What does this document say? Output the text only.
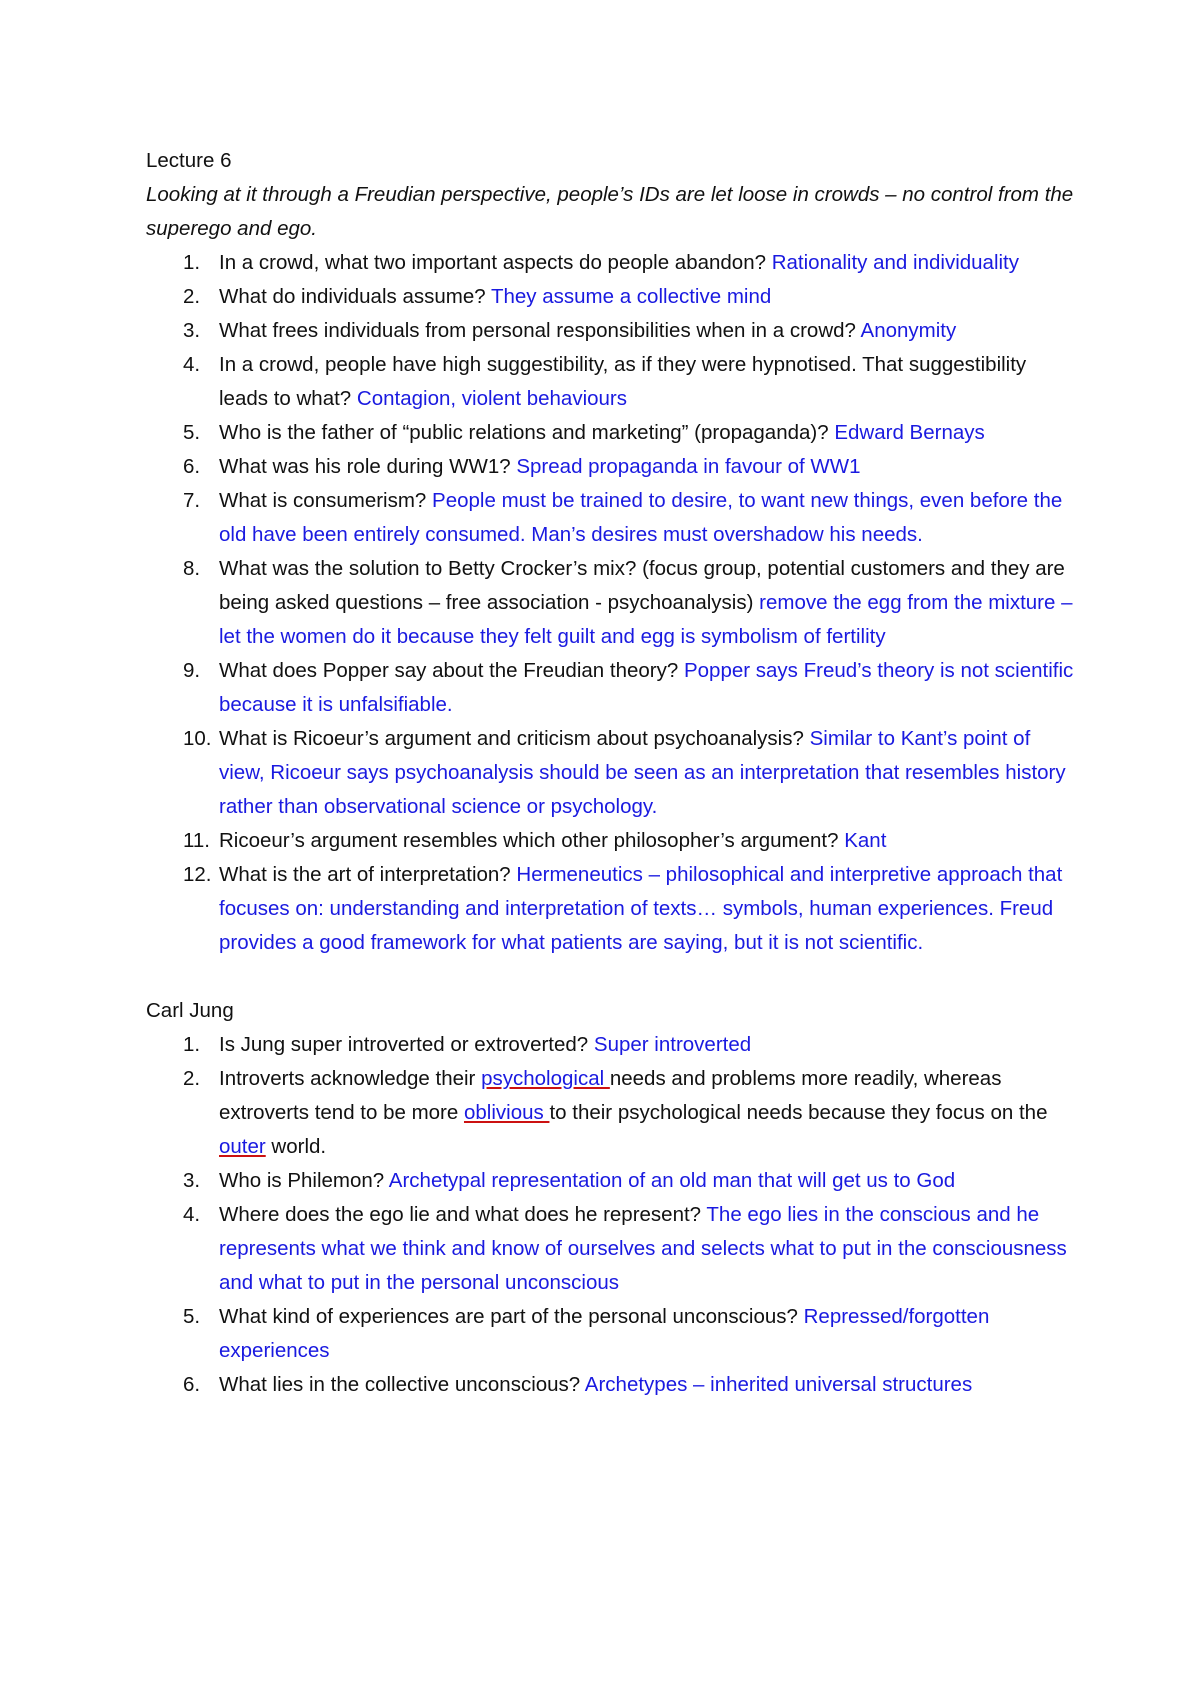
Lecture 6

Looking at it through a Freudian perspective, people’s IDs are let loose in crowds – no control from the superego and ego.

1. In a crowd, what two important aspects do people abandon? Rationality and individuality
2. What do individuals assume? They assume a collective mind
3. What frees individuals from personal responsibilities when in a crowd? Anonymity
4. In a crowd, people have high suggestibility, as if they were hypnotised. That suggestibility leads to what? Contagion, violent behaviours
5. Who is the father of “public relations and marketing” (propaganda)? Edward Bernays
6. What was his role during WW1? Spread propaganda in favour of WW1
7. What is consumerism? People must be trained to desire, to want new things, even before the old have been entirely consumed. Man’s desires must overshadow his needs.
8. What was the solution to Betty Crocker’s mix? (focus group, potential customers and they are being asked questions – free association - psychoanalysis) remove the egg from the mixture – let the women do it because they felt guilt and egg is symbolism of fertility
9. What does Popper say about the Freudian theory? Popper says Freud’s theory is not scientific because it is unfalsifiable.
10. What is Ricoeur’s argument and criticism about psychoanalysis? Similar to Kant’s point of view, Ricoeur says psychoanalysis should be seen as an interpretation that resembles history rather than observational science or psychology.
11. Ricoeur’s argument resembles which other philosopher’s argument? Kant
12. What is the art of interpretation? Hermeneutics – philosophical and interpretive approach that focuses on: understanding and interpretation of texts… symbols, human experiences. Freud provides a good framework for what patients are saying, but it is not scientific.

Carl Jung

1. Is Jung super introverted or extroverted? Super introverted
2. Introverts acknowledge their psychological needs and problems more readily, whereas extroverts tend to be more oblivious to their psychological needs because they focus on the outer world.
3. Who is Philemon? Archetypal representation of an old man that will get us to God
4. Where does the ego lie and what does he represent? The ego lies in the conscious and he represents what we think and know of ourselves and selects what to put in the consciousness and what to put in the personal unconscious
5. What kind of experiences are part of the personal unconscious? Repressed/forgotten experiences
6. What lies in the collective unconscious? Archetypes – inherited universal structures
